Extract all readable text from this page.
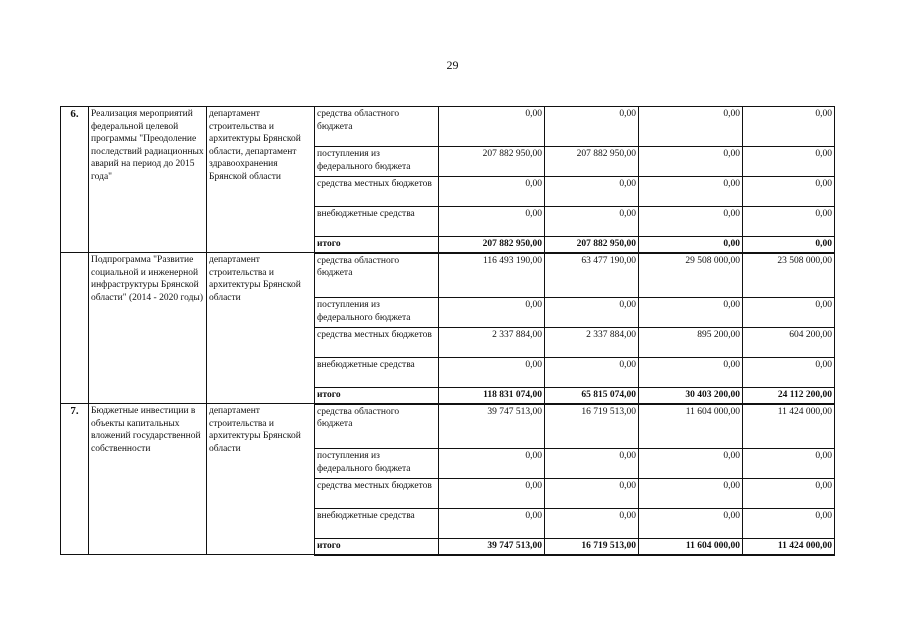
29
6.	Реализация мероприятий федеральной целевой программы "Преодоление последствий радиационных аварий на период до 2015 года"	департамент строительства и архитектуры Брянской области, департамент здравоохранения Брянской области	средства областного бюджета	0,00	0,00	0,00	0,00
			поступления из федерального бюджета	207 882 950,00	207 882 950,00	0,00	0,00
			средства местных бюджетов	0,00	0,00	0,00	0,00
			внебюджетные средства	0,00	0,00	0,00	0,00
			итого	207 882 950,00	207 882 950,00	0,00	0,00
	Подпрограмма "Развитие социальной и инженерной инфраструктуры Брянской области" (2014 - 2020 годы)	департамент строительства и архитектуры Брянской области	средства областного бюджета	116 493 190,00	63 477 190,00	29 508 000,00	23 508 000,00
			поступления из федерального бюджета	0,00	0,00	0,00	0,00
			средства местных бюджетов	2 337 884,00	2 337 884,00	895 200,00	604 200,00
			внебюджетные средства	0,00	0,00	0,00	0,00
			итого	118 831 074,00	65 815 074,00	30 403 200,00	24 112 200,00
7.	Бюджетные инвестиции в объекты капитальных вложений государственной собственности	департамент строительства и архитектуры Брянской области	средства областного бюджета	39 747 513,00	16 719 513,00	11 604 000,00	11 424 000,00
			поступления из федерального бюджета	0,00	0,00	0,00	0,00
			средства местных бюджетов	0,00	0,00	0,00	0,00
			внебюджетные средства	0,00	0,00	0,00	0,00
			итого	39 747 513,00	16 719 513,00	11 604 000,00	11 424 000,00
